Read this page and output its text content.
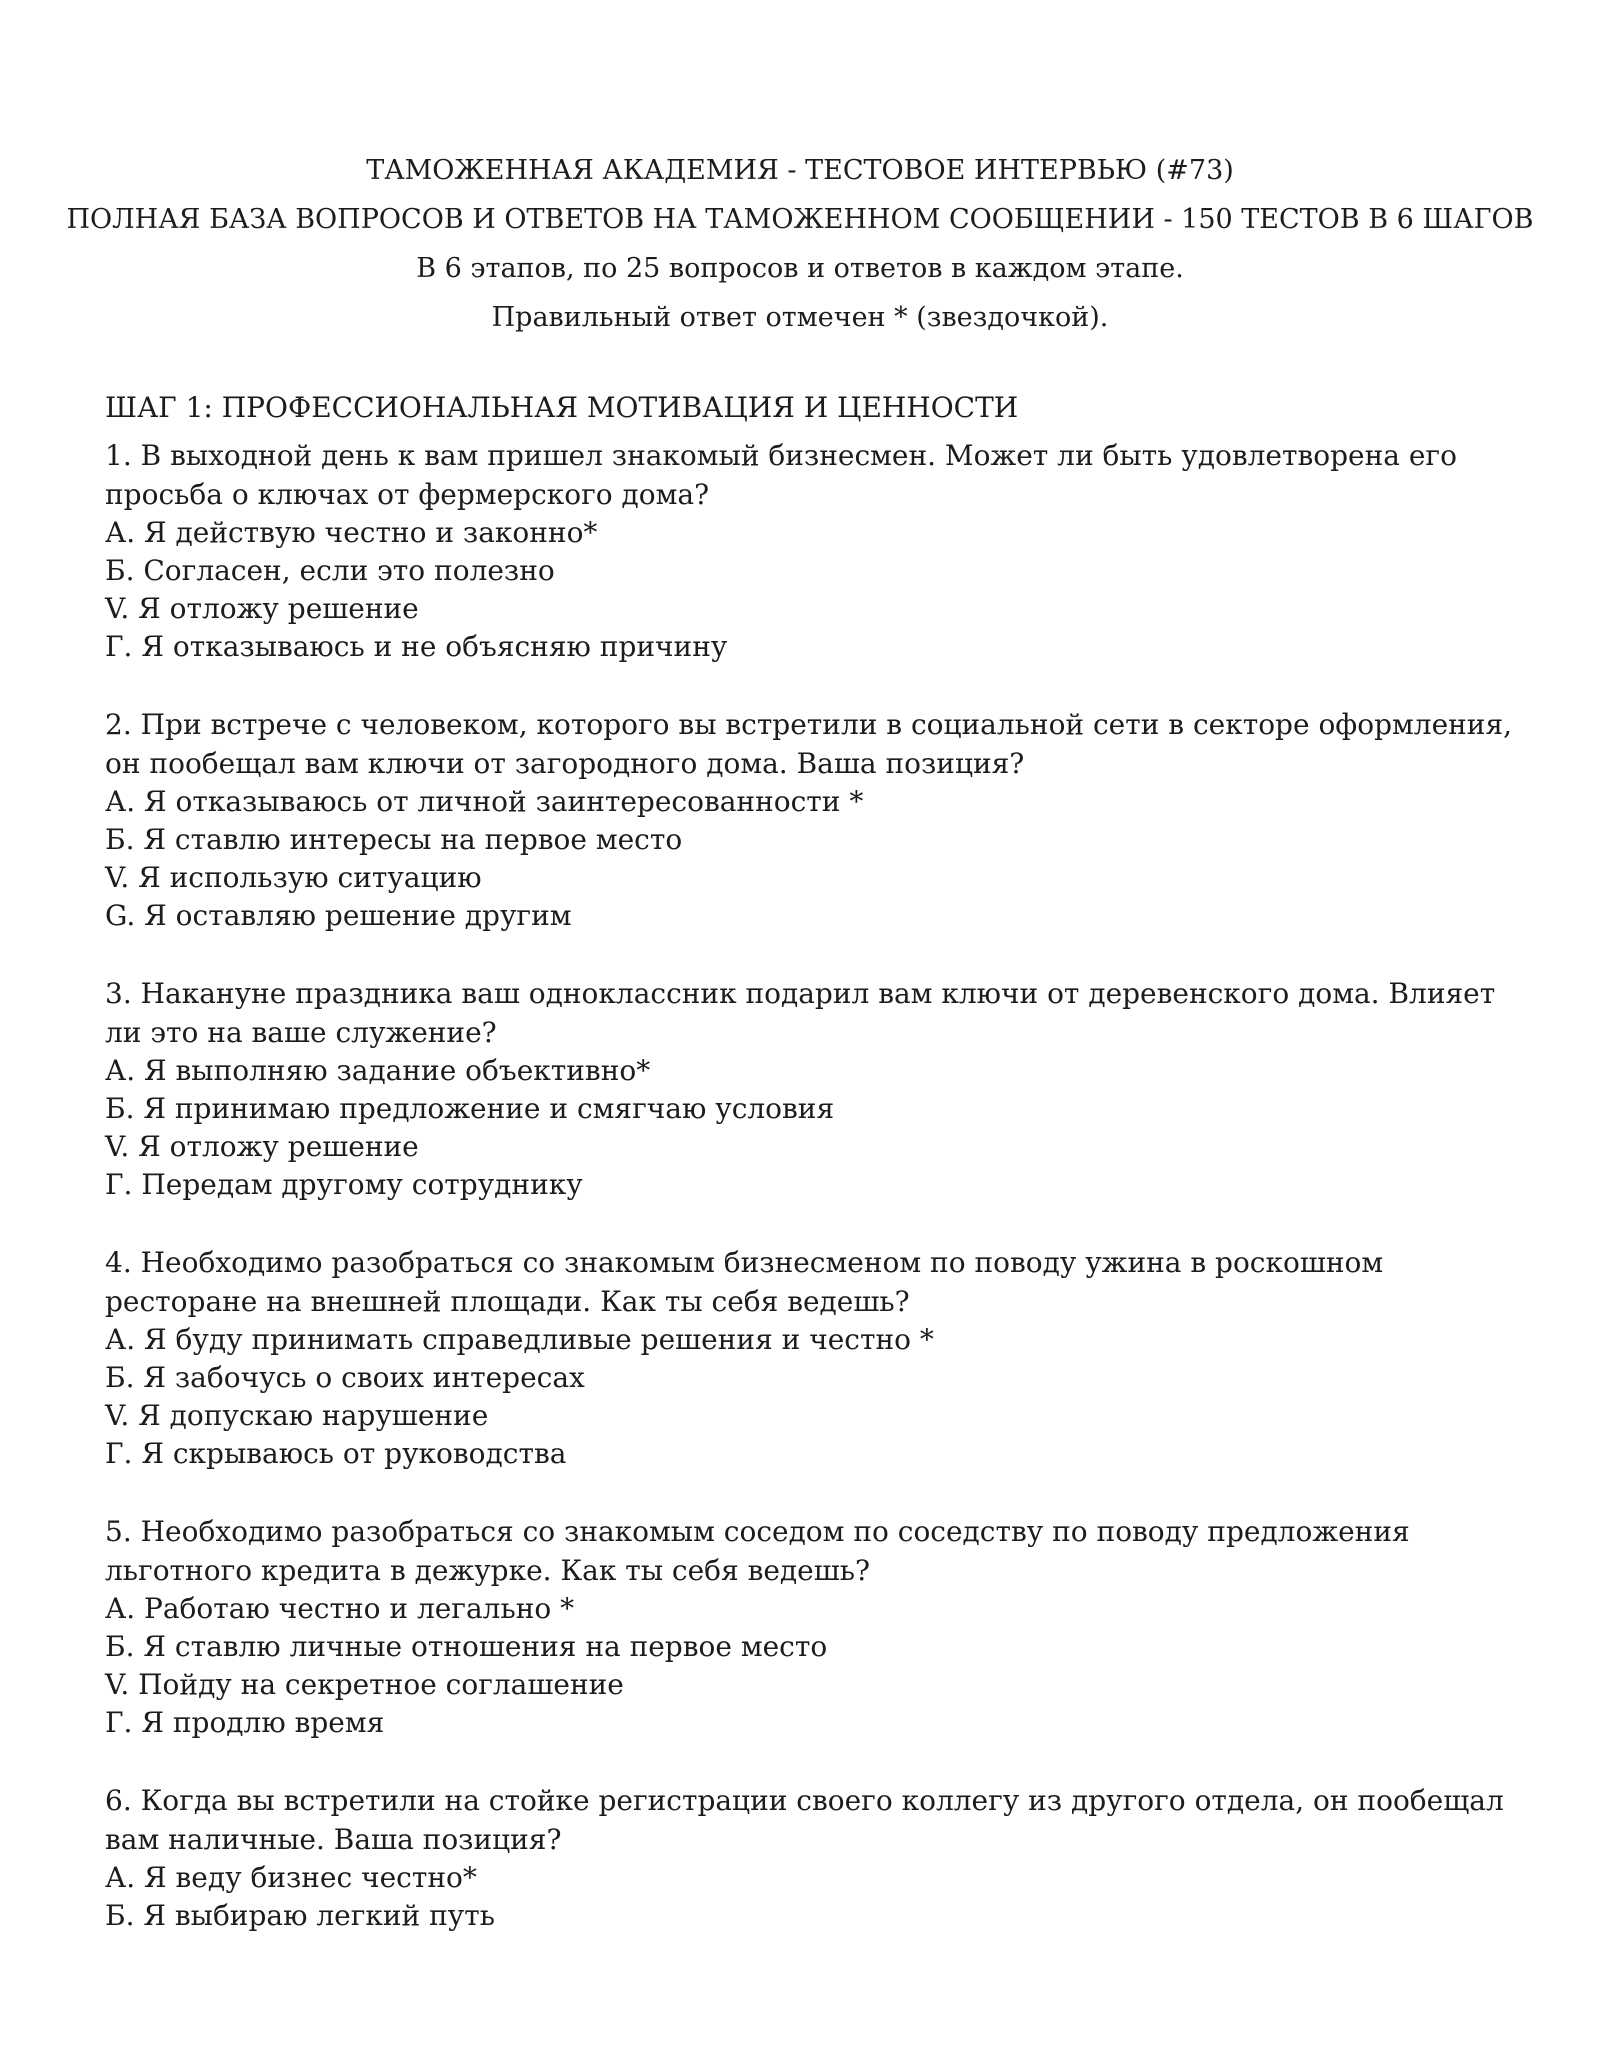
ТАМОЖЕННАЯ АКАДЕМИЯ - ТЕСТОВОЕ ИНТЕРВЬЮ (#73)
ПОЛНАЯ БАЗА ВОПРОСОВ И ОТВЕТОВ НА ТАМОЖЕННОМ СООБЩЕНИИ - 150 ТЕСТОВ В 6 ШАГОВ
В 6 этапов, по 25 вопросов и ответов в каждом этапе.
Правильный ответ отмечен * (звездочкой).
ШАГ 1: ПРОФЕССИОНАЛЬНАЯ МОТИВАЦИЯ И ЦЕННОСТИ
1. В выходной день к вам пришел знакомый бизнесмен. Может ли быть удовлетворена его просьба о ключах от фермерского дома?
А. Я действую честно и законно*
Б. Согласен, если это полезно
V. Я отложу решение
Г. Я отказываюсь и не объясняю причину
2. При встрече с человеком, которого вы встретили в социальной сети в секторе оформления, он пообещал вам ключи от загородного дома. Ваша позиция?
А. Я отказываюсь от личной заинтересованности *
Б. Я ставлю интересы на первое место
V. Я использую ситуацию
G. Я оставляю решение другим
3. Накануне праздника ваш одноклассник подарил вам ключи от деревенского дома. Влияет ли это на ваше служение?
А. Я выполняю задание объективно*
Б. Я принимаю предложение и смягчаю условия
V. Я отложу решение
Г. Передам другому сотруднику
4. Необходимо разобраться со знакомым бизнесменом по поводу ужина в роскошном ресторане на внешней площади. Как ты себя ведешь?
А. Я буду принимать справедливые решения и честно *
Б. Я забочусь о своих интересах
V. Я допускаю нарушение
Г. Я скрываюсь от руководства
5. Необходимо разобраться со знакомым соседом по соседству по поводу предложения льготного кредита в дежурке. Как ты себя ведешь?
А. Работаю честно и легально *
Б. Я ставлю личные отношения на первое место
V. Пойду на секретное соглашение
Г. Я продлю время
6. Когда вы встретили на стойке регистрации своего коллегу из другого отдела, он пообещал вам наличные. Ваша позиция?
А. Я веду бизнес честно*
Б. Я выбираю легкий путь
